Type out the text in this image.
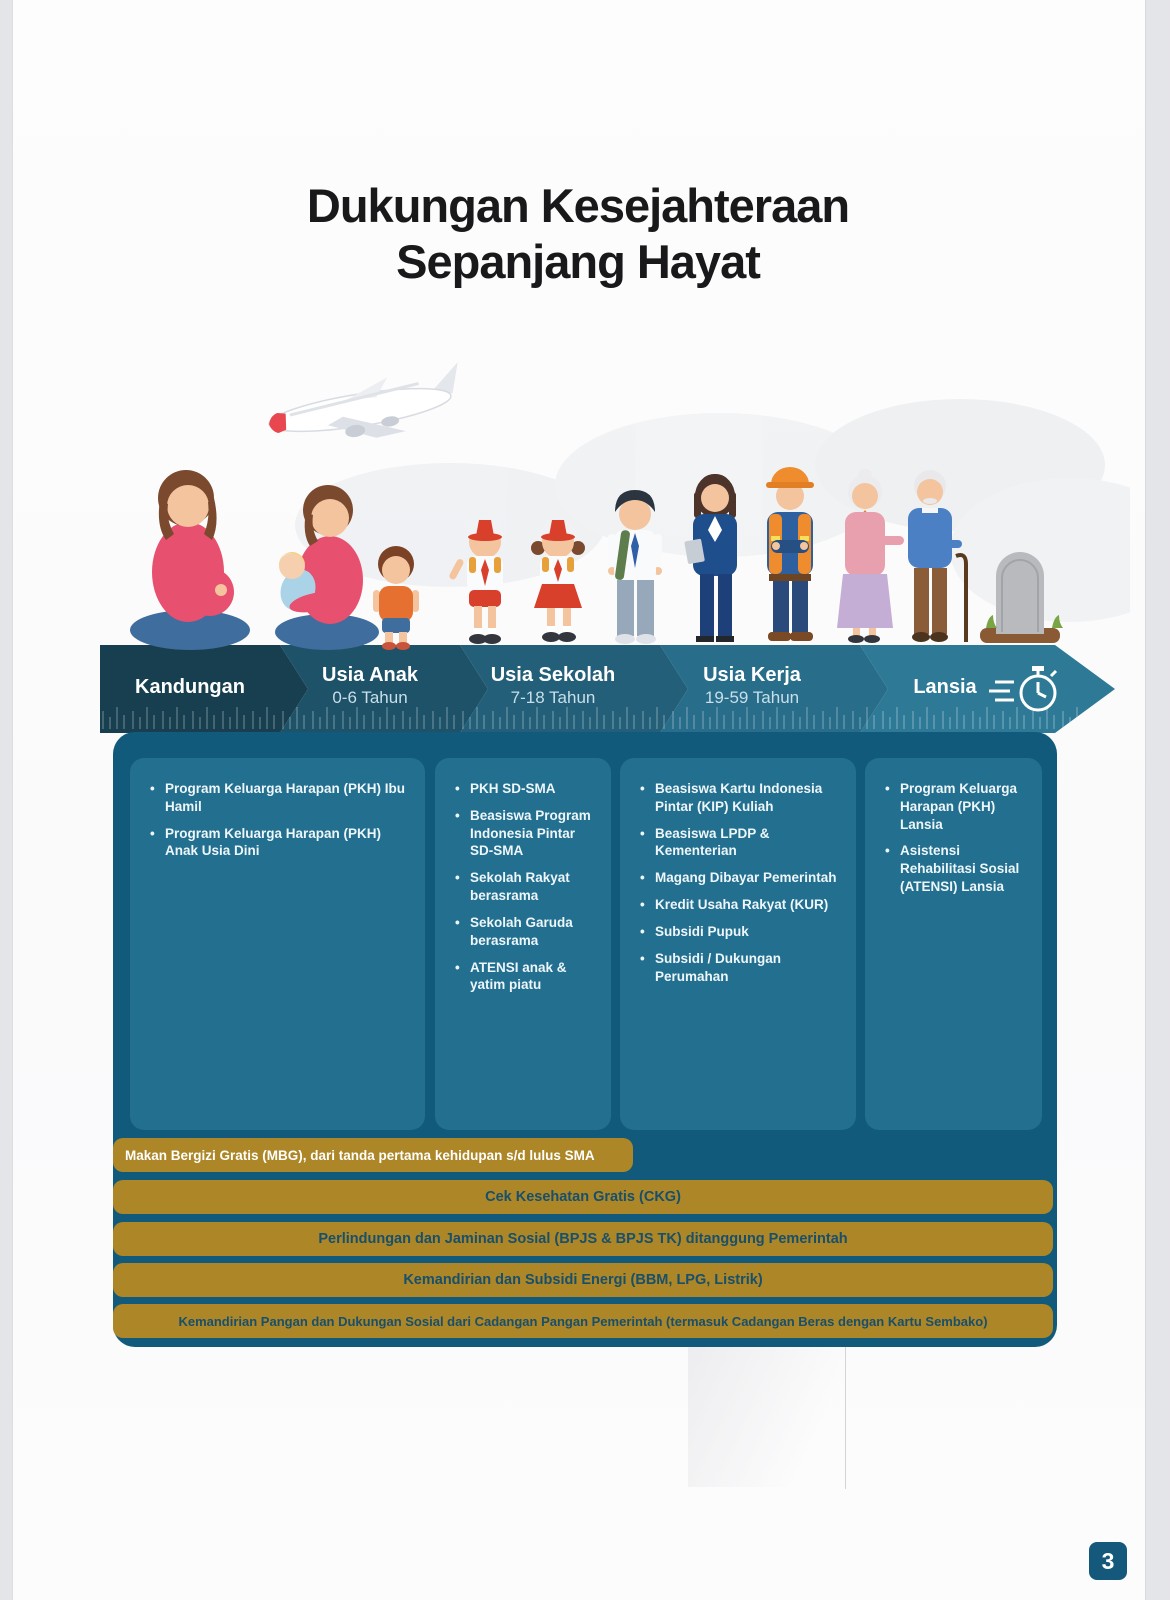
Dukungan Kesejahteraan
Sepanjang Hayat
Kandungan
Usia Anak
0-6 Tahun
Usia Sekolah
7-18 Tahun
Usia Kerja
19-59 Tahun	Lansia
• Program Keluarga Harapan (PKH) Ibu Hamil
• Program Keluarga Harapan (PKH) Anak Usia Dini
• PKH SD-SMA
• Beasiswa Program Indonesia Pintar SD-SMA
• Sekolah Rakyat berasrama
• Sekolah Garuda berasrama
• ATENSI anak & yatim piatu
• Beasiswa Kartu Indonesia Pintar (KIP) Kuliah
• Beasiswa LPDP & Kementerian
• Magang Dibayar Pemerintah
• Kredit Usaha Rakyat (KUR)
• Subsidi Pupuk
• Subsidi / Dukungan Perumahan
• Program Keluarga Harapan (PKH) Lansia
• Asistensi Rehabilitasi Sosial (ATENSI) Lansia
Makan Bergizi Gratis (MBG), dari tanda pertama kehidupan s/d lulus SMA
Cek Kesehatan Gratis (CKG)
Perlindungan dan Jaminan Sosial (BPJS & BPJS TK) ditanggung Pemerintah
Kemandirian dan Subsidi Energi (BBM, LPG, Listrik)
Kemandirian Pangan dan Dukungan Sosial dari Cadangan Pangan Pemerintah (termasuk Cadangan Beras dengan Kartu Sembako)
3
